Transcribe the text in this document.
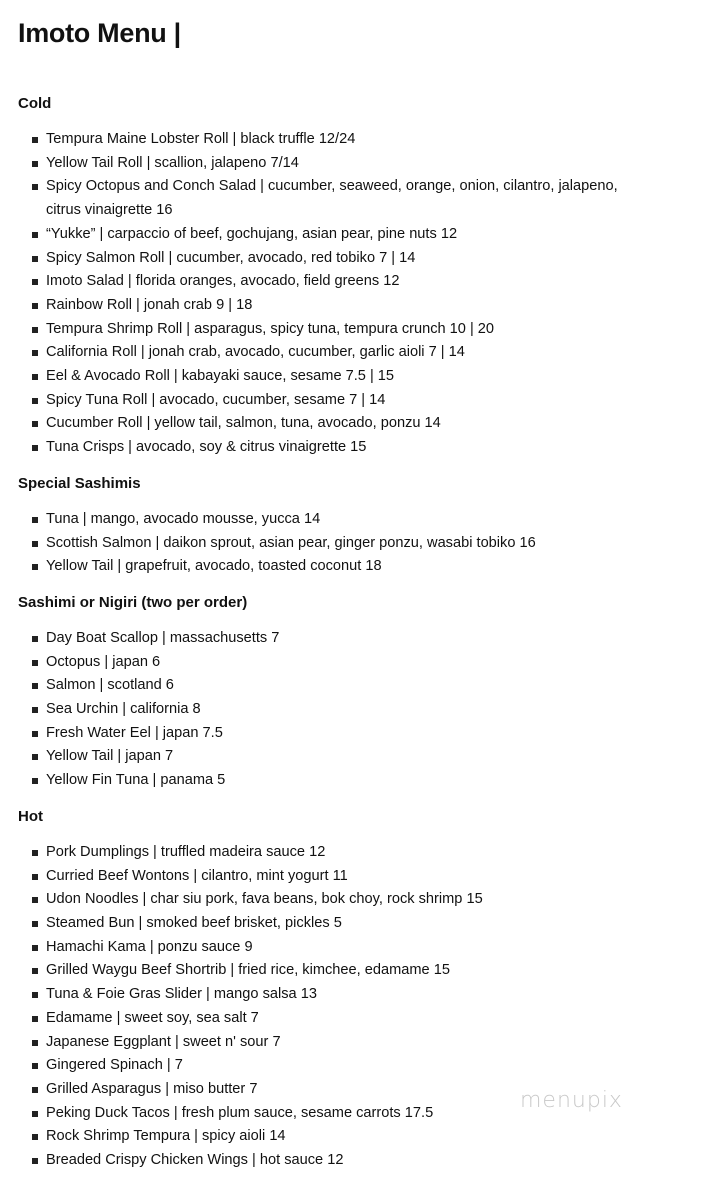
Imoto Menu |
Cold
Tempura Maine Lobster Roll | black truffle 12/24
Yellow Tail Roll | scallion, jalapeno 7/14
Spicy Octopus and Conch Salad | cucumber, seaweed, orange, onion, cilantro, jalapeno, citrus vinaigrette 16
“Yukke” | carpaccio of beef, gochujang, asian pear, pine nuts 12
Spicy Salmon Roll | cucumber, avocado, red tobiko 7 | 14
Imoto Salad | florida oranges, avocado, field greens 12
Rainbow Roll | jonah crab 9 | 18
Tempura Shrimp Roll | asparagus, spicy tuna, tempura crunch 10 | 20
California Roll | jonah crab, avocado, cucumber, garlic aioli 7 | 14
Eel & Avocado Roll | kabayaki sauce, sesame 7.5 | 15
Spicy Tuna Roll | avocado, cucumber, sesame 7 | 14
Cucumber Roll | yellow tail, salmon, tuna, avocado, ponzu 14
Tuna Crisps | avocado, soy & citrus vinaigrette 15
Special Sashimis
Tuna | mango, avocado mousse, yucca 14
Scottish Salmon | daikon sprout, asian pear, ginger ponzu, wasabi tobiko 16
Yellow Tail | grapefruit, avocado, toasted coconut 18
Sashimi or Nigiri (two per order)
Day Boat Scallop | massachusetts 7
Octopus | japan 6
Salmon | scotland 6
Sea Urchin | california 8
Fresh Water Eel | japan 7.5
Yellow Tail | japan 7
Yellow Fin Tuna | panama 5
Hot
Pork Dumplings | truffled madeira sauce 12
Curried Beef Wontons | cilantro, mint yogurt 11
Udon Noodles | char siu pork, fava beans, bok choy, rock shrimp 15
Steamed Bun | smoked beef brisket, pickles 5
Hamachi Kama | ponzu sauce 9
Grilled Waygu Beef Shortrib | fried rice, kimchee, edamame 15
Tuna & Foie Gras Slider | mango salsa 13
Edamame | sweet soy, sea salt 7
Japanese Eggplant | sweet n' sour 7
Gingered Spinach | 7
Grilled Asparagus | miso butter 7
Peking Duck Tacos | fresh plum sauce, sesame carrots 17.5
Rock Shrimp Tempura | spicy aioli 14
Breaded Crispy Chicken Wings | hot sauce 12
menupix
